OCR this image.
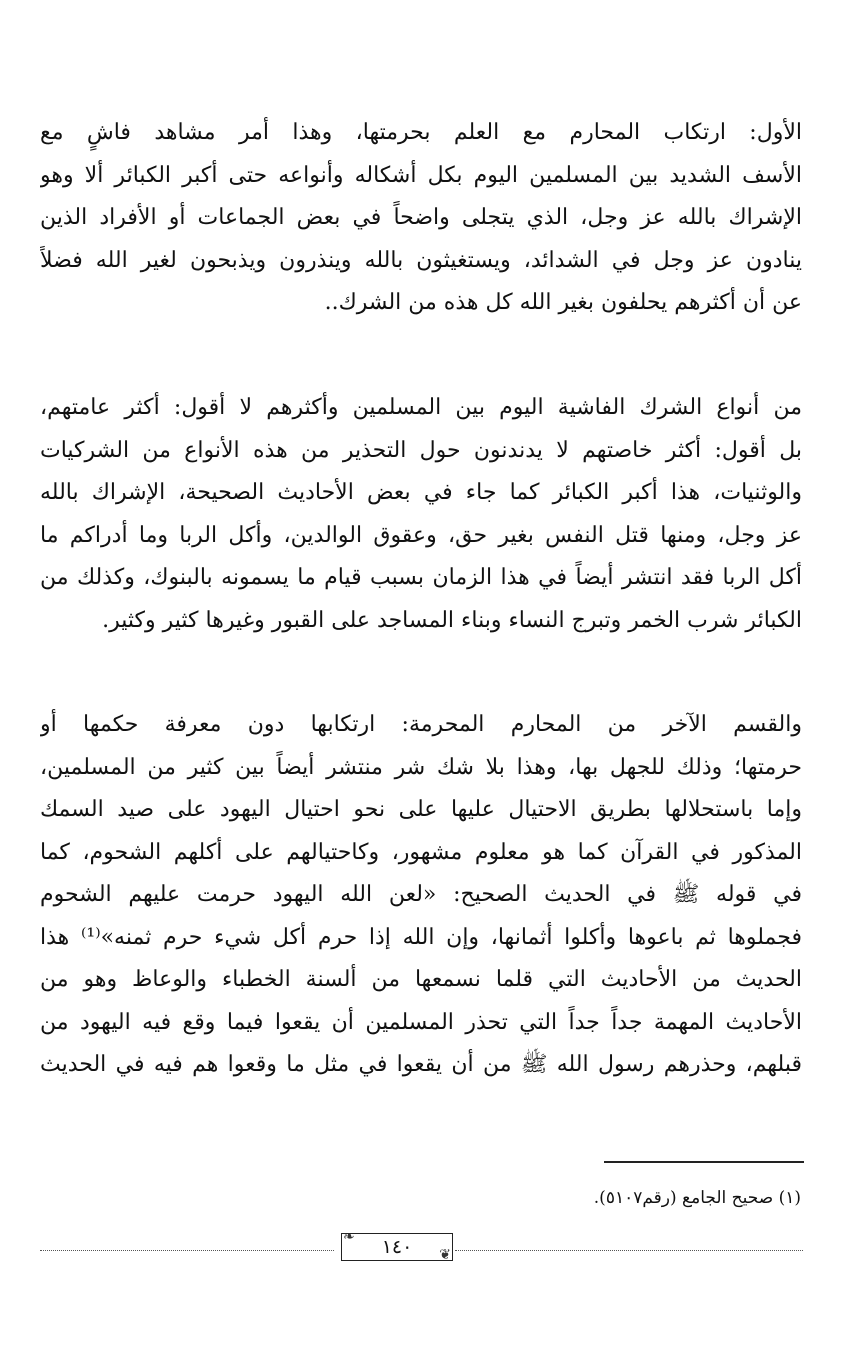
الأول: ارتكاب المحارم مع العلم بحرمتها، وهذا أمر مشاهد فاشٍ مع
الأسف الشديد بين المسلمين اليوم بكل أشكاله وأنواعه حتى أكبر الكبائر ألا وهو
الإشراك بالله عز وجل، الذي يتجلى واضحاً في بعض الجماعات أو الأفراد الذين
ينادون عز وجل في الشدائد، ويستغيثون بالله وينذرون ويذبحون لغير الله فضلاً
عن أن أكثرهم يحلفون بغير الله كل هذه من الشرك..
من أنواع الشرك الفاشية اليوم بين المسلمين وأكثرهم لا أقول: أكثر عامتهم،
بل أقول: أكثر خاصتهم لا يدندنون حول التحذير من هذه الأنواع من الشركيات
والوثنيات، هذا أكبر الكبائر كما جاء في بعض الأحاديث الصحيحة، الإشراك بالله
عز وجل، ومنها قتل النفس بغير حق، وعقوق الوالدين، وأكل الربا وما أدراكم ما
أكل الربا فقد انتشر أيضاً في هذا الزمان بسبب قيام ما يسمونه بالبنوك، وكذلك من
الكبائر شرب الخمر وتبرج النساء وبناء المساجد على القبور وغيرها كثير وكثير.
والقسم الآخر من المحارم المحرمة: ارتكابها دون معرفة حكمها أو
حرمتها؛ وذلك للجهل بها، وهذا بلا شك شر منتشر أيضاً بين كثير من المسلمين،
وإما باستحلالها بطريق الاحتيال عليها على نحو احتيال اليهود على صيد السمك
المذكور في القرآن كما هو معلوم مشهور، وكاحتيالهم على أكلهم الشحوم، كما
في قوله ﷺ في الحديث الصحيح: «لعن الله اليهود حرمت عليهم الشحوم
فجملوها ثم باعوها وأكلوا أثمانها، وإن الله إذا حرم أكل شيء حرم ثمنه»⁽¹⁾ هذا
الحديث من الأحاديث التي قلما نسمعها من ألسنة الخطباء والوعاظ وهو من
الأحاديث المهمة جداً جداً التي تحذر المسلمين أن يقعوا فيما وقع فيه اليهود من
قبلهم، وحذرهم رسول الله ﷺ من أن يقعوا في مثل ما وقعوا هم فيه في الحديث
(١) صحيح الجامع (رقم٥١٠٧).
❧
❦
١٤٠
